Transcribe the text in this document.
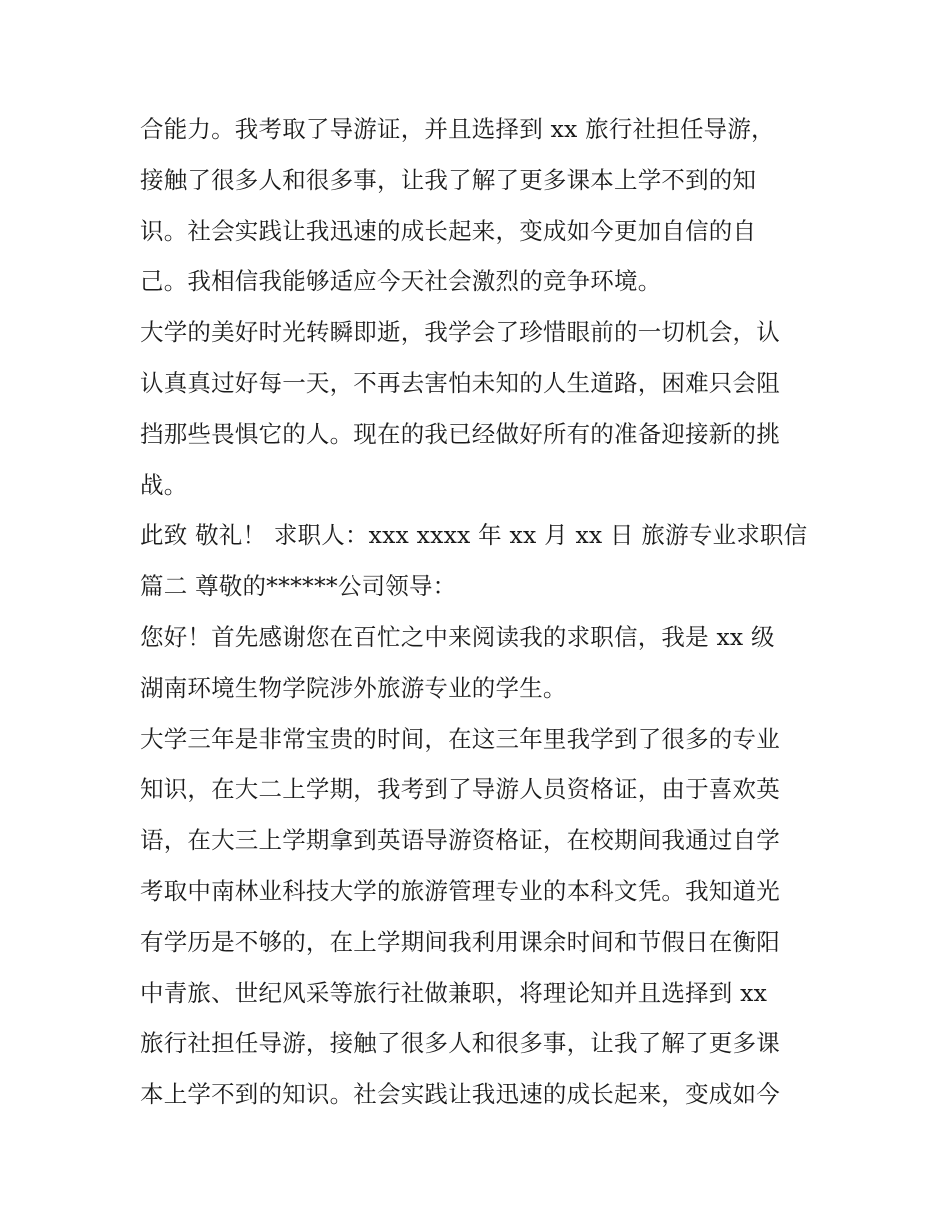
合能力。我考取了导游证，并且选择到 xx 旅行社担任导游，
接触了很多人和很多事，让我了解了更多课本上学不到的知
识。社会实践让我迅速的成长起来，变成如今更加自信的自
己。我相信我能够适应今天社会激烈的竞争环境。
大学的美好时光转瞬即逝，我学会了珍惜眼前的一切机会，认
认真真过好每一天，不再去害怕未知的人生道路，困难只会阻
挡那些畏惧它的人。现在的我已经做好所有的准备迎接新的挑
战。
此致 敬礼！ 求职人：xxx xxxx 年 xx 月 xx 日 旅游专业求职信
篇二 尊敬的******公司领导：
您好！首先感谢您在百忙之中来阅读我的求职信，我是 xx 级
湖南环境生物学院涉外旅游专业的学生。
大学三年是非常宝贵的时间，在这三年里我学到了很多的专业
知识，在大二上学期，我考到了导游人员资格证，由于喜欢英
语，在大三上学期拿到英语导游资格证，在校期间我通过自学
考取中南林业科技大学的旅游管理专业的本科文凭。我知道光
有学历是不够的，在上学期间我利用课余时间和节假日在衡阳
中青旅、世纪风采等旅行社做兼职，将理论知并且选择到 xx
旅行社担任导游，接触了很多人和很多事，让我了解了更多课
本上学不到的知识。社会实践让我迅速的成长起来，变成如今
